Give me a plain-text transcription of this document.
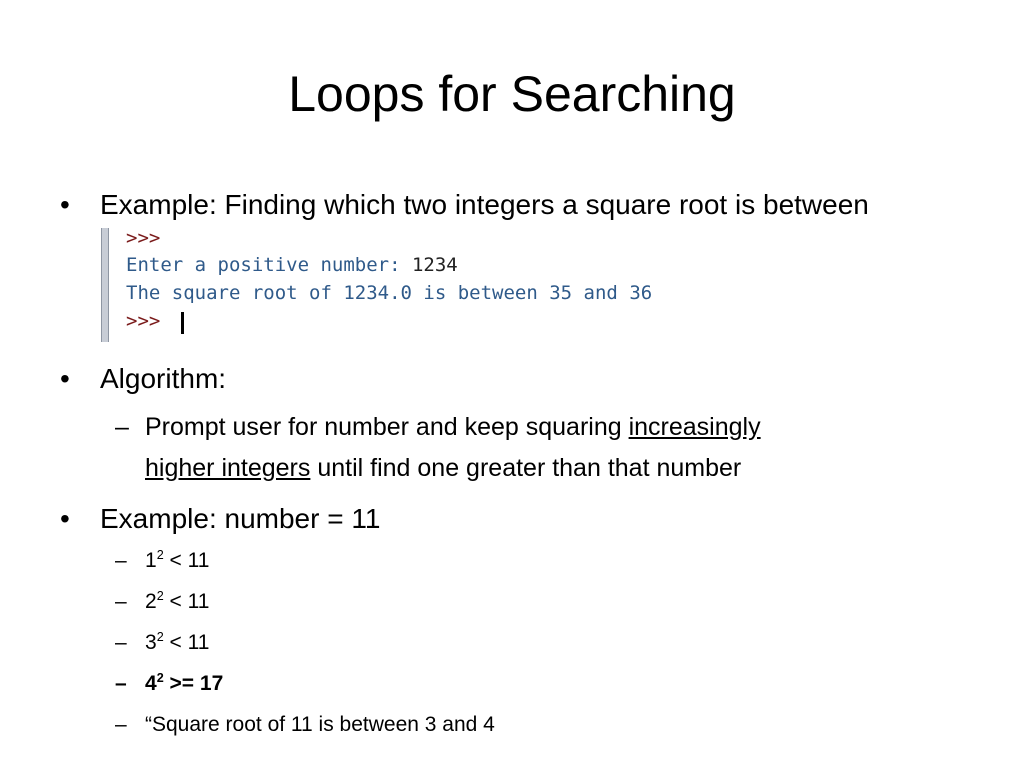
Loops for Searching
•	Example: Finding which two integers a square root is between
>>>
Enter a positive number: 1234
The square root of 1234.0 is between 35 and 36
>>>
•	Algorithm:
– Prompt user for number and keep squaring increasingly
higher integers until find one greater than that number
•	Example: number = 11
– $1^2 < 11$
– $2^2 < 11$
– $3^2 < 11$
– $4^2 >= 17$
– “Square root of 11 is between 3 and 4
